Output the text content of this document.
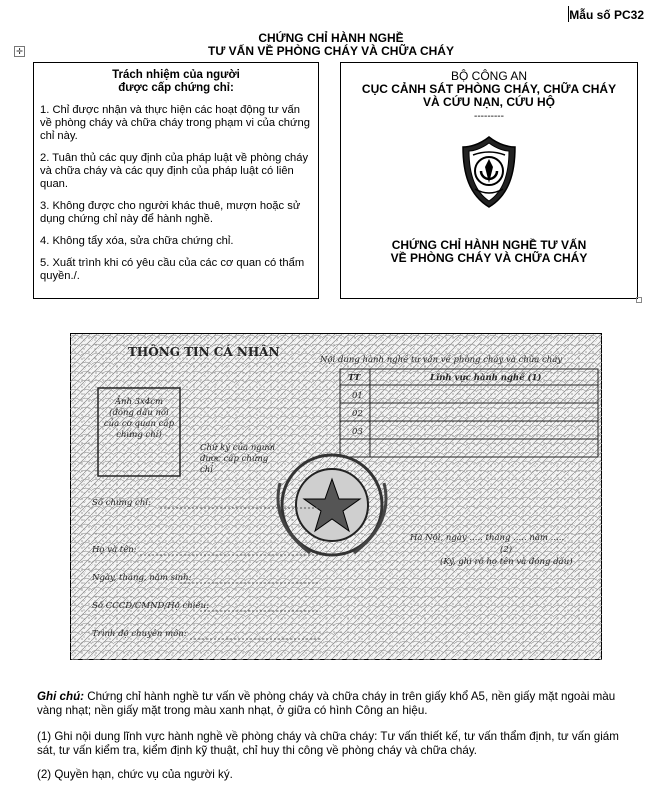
Mẫu số PC32
CHỨNG CHỈ HÀNH NGHỀ
TƯ VẤN VỀ PHÒNG CHÁY VÀ CHỮA CHÁY
✛
Trách nhiệm của người
được cấp chứng chỉ:
1. Chỉ được nhận và thực hiện các hoạt động tư vấn về phòng cháy và chữa cháy trong phạm vi của chứng chỉ này.
2. Tuân thủ các quy định của pháp luật về phòng cháy và chữa cháy và các quy định của pháp luật có liên quan.
3. Không được cho người khác thuê, mượn hoặc sử dụng chứng chỉ này để hành nghề.
4. Không tẩy xóa, sửa chữa chứng chỉ.
5. Xuất trình khi có yêu cầu của các cơ quan có thẩm quyền./.
BỘ CÔNG AN
CỤC CẢNH SÁT PHÒNG CHÁY, CHỮA CHÁY
VÀ CỨU NẠN, CỨU HỘ
---------
CHỨNG CHỈ HÀNH NGHỀ TƯ VẤN
VỀ PHÒNG CHÁY VÀ CHỮA CHÁY
THÔNG TIN CÁ NHÂN
Ảnh 3x4cm (đóng dấu nổi của cơ quan cấp chứng chỉ)
Chữ ký của người được cấp chứng chỉ
Nội dung hành nghề tư vấn về phòng cháy và chữa cháy
TT	Lĩnh vực hành nghề (1)
01
02
03
Số chứng chỉ:
Họ và tên:
Ngày, tháng, năm sinh:
Số CCCD/CMND/Hộ chiếu:
Trình độ chuyên môn:
Hà Nội, ngày ..... tháng ..... năm .....
(2)
(Ký, ghi rõ họ tên và đóng dấu)
Ghi chú: Chứng chỉ hành nghề tư vấn về phòng cháy và chữa cháy in trên giấy khổ A5, nền giấy mặt ngoài màu vàng nhạt; nền giấy mặt trong màu xanh nhạt, ở giữa có hình Công an hiệu.
(1) Ghi nội dung lĩnh vực hành nghề về phòng cháy và chữa cháy: Tư vấn thiết kế, tư vấn thẩm định, tư vấn giám sát, tư vấn kiểm tra, kiểm định kỹ thuật, chỉ huy thi công về phòng cháy và chữa cháy.
(2) Quyền hạn, chức vụ của người ký.
